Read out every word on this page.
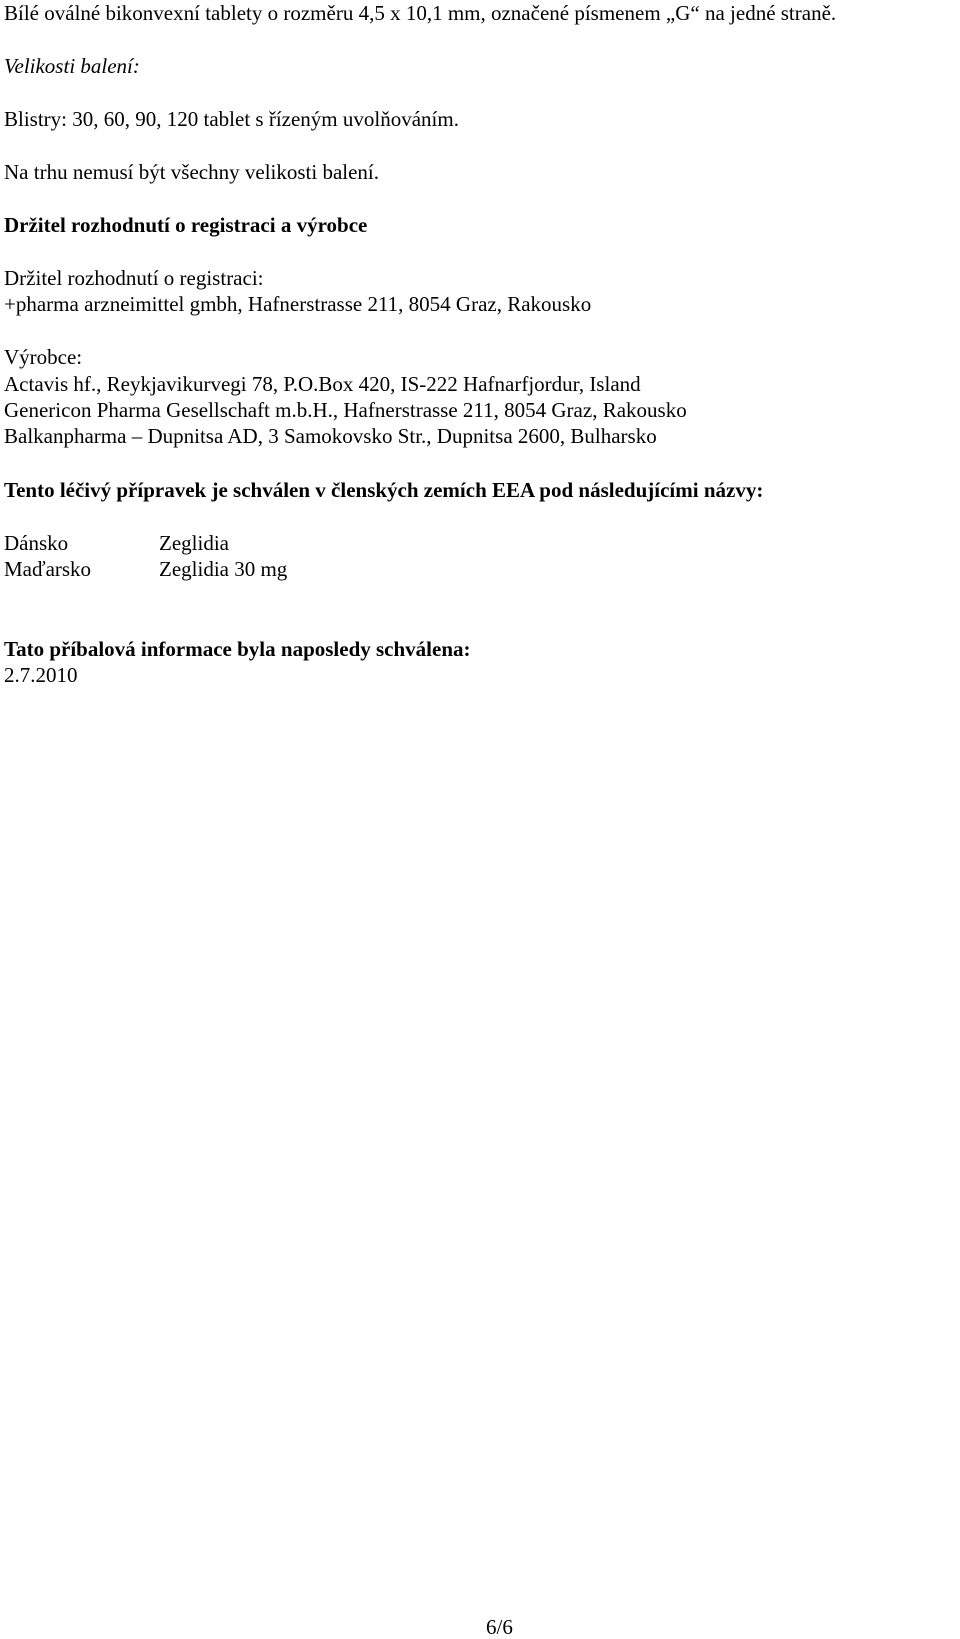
Bílé oválné bikonvexní tablety o rozměru 4,5 x 10,1 mm, označené písmenem „G“ na jedné straně.
Velikosti balení:
Blistry: 30, 60, 90, 120 tablet s řízeným uvolňováním.
Na trhu nemusí být všechny velikosti balení.
Držitel rozhodnutí o registraci a výrobce
Držitel rozhodnutí o registraci:
+pharma arzneimittel gmbh, Hafnerstrasse 211, 8054 Graz, Rakousko
Výrobce:
Actavis hf., Reykjavikurvegi 78, P.O.Box 420, IS-222 Hafnarfjordur, Island
Genericon Pharma Gesellschaft m.b.H., Hafnerstrasse 211, 8054 Graz, Rakousko
Balkanpharma – Dupnitsa AD, 3 Samokovsko Str., Dupnitsa 2600, Bulharsko
Tento léčivý přípravek je schválen v členských zemích EEA pod následujícími názvy:
Dánsko	Zeglidia
Maďarsko	Zeglidia 30 mg
Tato příbalová informace byla naposledy schválena:
2.7.2010
6/6
